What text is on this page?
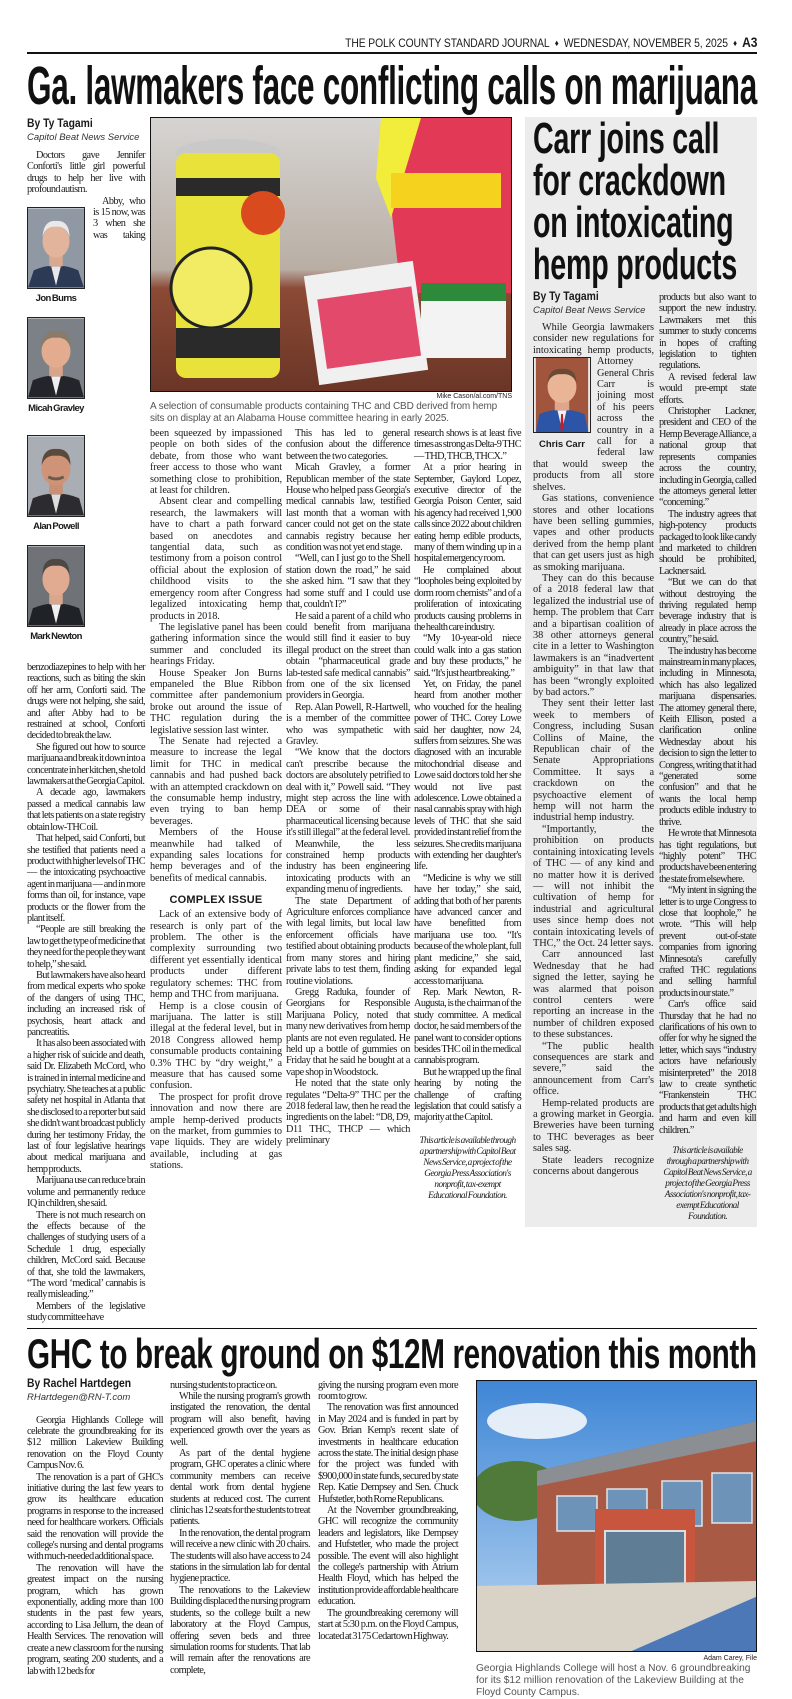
THE POLK COUNTY STANDARD JOURNAL ♦ WEDNESDAY, NOVEMBER 5, 2025 ♦ A3
Ga. lawmakers face conflicting calls on marijuana
By Ty Tagami
Capitol Beat News Service
Jon Burns
Micah Gravley
Alan Powell
Mark Newton

Doctors gave Jennifer Conforti's little girl powerful drugs to help her live with profound autism.

Abby, who is 15 now, was 3 when she was taking benzodiazepines to help with her reactions, such as biting the skin off her arm, Conforti said. The drugs were not helping, she said, and after Abby had to be restrained at school, Conforti decided to break the law.

She figured out how to source marijuana and break it down into a concentrate in her kitchen, she told lawmakers at the Georgia Capitol.

A decade ago, lawmakers passed a medical cannabis law that lets patients on a state registry obtain low-THC oil.

That helped, said Conforti, but she testified that patients need a product with higher levels of THC — the intoxicating psychoactive agent in marijuana — and in more forms than oil, for instance, vape products or the flower from the plant itself.

“People are still breaking the law to get the type of medicine that they need for the people they want to help,” she said.

But lawmakers have also heard from medical experts who spoke of the dangers of using THC, including an increased risk of psychosis, heart attack and pancreatitis.

It has also been associated with a higher risk of suicide and death, said Dr. Elizabeth McCord, who is trained in internal medicine and psychiatry. She teaches at a public safety net hospital in Atlanta that she disclosed to a reporter but said she didn't want broadcast publicly during her testimony Friday, the last of four legislative hearings about medical marijuana and hemp products.

Marijuana use can reduce brain volume and permanently reduce IQ in children, she said.

There is not much research on the effects because of the challenges of studying users of a Schedule 1 drug, especially children, McCord said. Because of that, she told the lawmakers, “The word ‘medical’ cannabis is really misleading.”

Members of the legislative study committee have

Mike Cason/al.com/TNS
A selection of consumable products containing THC and CBD derived from hemp sits on display at an Alabama House committee hearing in early 2025.

been squeezed by impassioned people on both sides of the debate, from those who want freer access to those who want something close to prohibition, at least for children.

Absent clear and compelling research, the lawmakers will have to chart a path forward based on anecdotes and tangential data, such as testimony from a poison control official about the explosion of childhood visits to the emergency room after Congress legalized intoxicating hemp products in 2018.

The legislative panel has been gathering information since the summer and concluded its hearings Friday.

House Speaker Jon Burns empaneled the Blue Ribbon committee after pandemonium broke out around the issue of THC regulation during the legislative session last winter.

The Senate had rejected a measure to increase the legal limit for THC in medical cannabis and had pushed back with an attempted crackdown on the consumable hemp industry, even trying to ban hemp beverages.

Members of the House meanwhile had talked of expanding sales locations for hemp beverages and of the benefits of medical cannabis.

COMPLEX ISSUE

Lack of an extensive body of research is only part of the problem. The other is the complexity surrounding two different yet essentially identical products under different regulatory schemes: THC from hemp and THC from marijuana.

Hemp is a close cousin of marijuana. The latter is still illegal at the federal level, but in 2018 Congress allowed hemp consumable products containing 0.3% THC by “dry weight,” a measure that has caused some confusion.

The prospect for profit drove innovation and now there are ample hemp-derived products on the market, from gummies to vape liquids. They are widely available, including at gas stations.

This has led to general confusion about the difference between the two categories.

Micah Gravley, a former Republican member of the state House who helped pass Georgia's medical cannabis law, testified last month that a woman with cancer could not get on the state cannabis registry because her condition was not yet end stage.

“Well, can I just go to the Shell station down the road,” he said she asked him. “I saw that they had some stuff and I could use that, couldn't I?”

He said a parent of a child who could benefit from marijuana would still find it easier to buy illegal product on the street than obtain “pharmaceutical grade lab-tested safe medical cannabis” from one of the six licensed providers in Georgia.

Rep. Alan Powell, R-Hartwell, is a member of the committee who was sympathetic with Gravley.

“We know that the doctors can't prescribe because the doctors are absolutely petrified to deal with it,” Powell said. “They might step across the line with DEA or some of their pharmaceutical licensing because it's still illegal” at the federal level.

Meanwhile, the less constrained hemp products industry has been engineering intoxicating products with an expanding menu of ingredients.

The state Department of Agriculture enforces compliance with legal limits, but local law enforcement officials have testified about obtaining products from many stores and hiring private labs to test them, finding routine violations.

Gregg Raduka, founder of Georgians for Responsible Marijuana Policy, noted that many new derivatives from hemp plants are not even regulated. He held up a bottle of gummies on Friday that he said he bought at a vape shop in Woodstock.

He noted that the state only regulates “Delta-9” THC per the 2018 federal law, then he read the ingredients on the label: “D8, D9, D11 THC, THCP — which preliminary

research shows is at least five times as strong as Delta-9 THC — THD, THCB, THCX.”

At a prior hearing in September, Gaylord Lopez, executive director of the Georgia Poison Center, said his agency had received 1,900 calls since 2022 about children eating hemp edible products, many of them winding up in a hospital emergency room.

He complained about “loopholes being exploited by dorm room chemists” and of a proliferation of intoxicating products causing problems in the health care industry.

“My 10-year-old niece could walk into a gas station and buy these products,” he said. “It's just heartbreaking.”

Yet, on Friday, the panel heard from another mother who vouched for the healing power of THC. Corey Lowe said her daughter, now 24, suffers from seizures. She was diagnosed with an incurable mitochondrial disease and Lowe said doctors told her she would not live past adolescence. Lowe obtained a nasal cannabis spray with high levels of THC that she said provided instant relief from the seizures. She credits marijuana with extending her daughter's life.

“Medicine is why we still have her today,” she said, adding that both of her parents have advanced cancer and have benefitted from marijuana use too. “It's because of the whole plant, full plant medicine,” she said, asking for expanded legal access to marijuana.

Rep. Mark Newton, R-Augusta, is the chairman of the study committee. A medical doctor, he said members of the panel want to consider options besides THC oil in the medical cannabis program.

But he wrapped up the final hearing by noting the challenge of crafting legislation that could satisfy a majority at the Capitol.

This article is available through a partnership with Capitol Beat News Service, a project of the Georgia Press Association's nonprofit, tax-exempt Educational Foundation.
Carr joins call for crackdown on intoxicating hemp products
By Ty Tagami
Capitol Beat News Service
Chris Carr

While Georgia lawmakers consider new regulations for intoxicating hemp products, Attorney General Chris Carr is joining most of his peers across the country in a call for a federal law that would sweep the products from all store shelves.

Gas stations, convenience stores and other locations have been selling gummies, vapes and other products derived from the hemp plant that can get users just as high as smoking marijuana.

They can do this because of a 2018 federal law that legalized the industrial use of hemp. The problem that Carr and a bipartisan coalition of 38 other attorneys general cite in a letter to Washington lawmakers is an “inadvertent ambiguity” in that law that has been “wrongly exploited by bad actors.”

They sent their letter last week to members of Congress, including Susan Collins of Maine, the Republican chair of the Senate Appropriations Committee. It says a crackdown on the psychoactive element of hemp will not harm the industrial hemp industry.

“Importantly, the prohibition on products containing intoxicating levels of THC — of any kind and no matter how it is derived — will not inhibit the cultivation of hemp for industrial and agricultural uses since hemp does not contain intoxicating levels of THC,” the Oct. 24 letter says.

Carr announced last Wednesday that he had signed the letter, saying he was alarmed that poison control centers were reporting an increase in the number of children exposed to these substances.

“The public health consequences are stark and severe,” said the announcement from Carr's office.

Hemp-related products are a growing market in Georgia. Breweries have been turning to THC beverages as beer sales sag.

State leaders recognize concerns about dangerous

products but also want to support the new industry. Lawmakers met this summer to study concerns in hopes of crafting legislation to tighten regulations.

A revised federal law would pre-empt state efforts.

Christopher Lackner, president and CEO of the Hemp Beverage Alliance, a national group that represents companies across the country, including in Georgia, called the attorneys general letter “concerning.”

The industry agrees that high-potency products packaged to look like candy and marketed to children should be prohibited, Lackner said.

“But we can do that without destroying the thriving regulated hemp beverage industry that is already in place across the country,” he said.

The industry has become mainstream in many places, including in Minnesota, which has also legalized marijuana dispensaries. The attorney general there, Keith Ellison, posted a clarification online Wednesday about his decision to sign the letter to Congress, writing that it had “generated some confusion” and that he wants the local hemp products edible industry to thrive.

He wrote that Minnesota has tight regulations, but “highly potent” THC products have been entering the state from elsewhere.

“My intent in signing the letter is to urge Congress to close that loophole,” he wrote. “This will help prevent out-of-state companies from ignoring Minnesota's carefully crafted THC regulations and selling harmful products in our state.”

Carr's office said Thursday that he had no clarifications of his own to offer for why he signed the letter, which says “industry actors have nefariously misinterpreted” the 2018 law to create synthetic “Frankenstein THC products that get adults high and harm and even kill children.”

This article is available through a partnership with Capitol Beat News Service, a project of the Georgia Press Association's nonprofit, tax-exempt Educational Foundation.
GHC to break ground on $12M renovation this month
By Rachel Hartdegen
RHartdegen@RN-T.com

Georgia Highlands College will celebrate the groundbreaking for its $12 million Lakeview Building renovation on the Floyd County Campus Nov. 6.

The renovation is a part of GHC's initiative during the last few years to grow its healthcare education programs in response to the increased need for healthcare workers. Officials said the renovation will provide the college's nursing and dental programs with much-needed additional space.

The renovation will have the greatest impact on the nursing program, which has grown exponentially, adding more than 100 students in the past few years, according to Lisa Jellum, the dean of Health Services. The renovation will create a new classroom for the nursing program, seating 200 students, and a lab with 12 beds for

nursing students to practice on.

While the nursing program's growth instigated the renovation, the dental program will also benefit, having experienced growth over the years as well.

As part of the dental hygiene program, GHC operates a clinic where community members can receive dental work from dental hygiene students at reduced cost. The current clinic has 12 seats for the students to treat patients.

In the renovation, the dental program will receive a new clinic with 20 chairs. The students will also have access to 24 stations in the simulation lab for dental hygiene practice.

The renovations to the Lakeview Building displaced the nursing program students, so the college built a new laboratory at the Floyd Campus, offering seven beds and three simulation rooms for students. That lab will remain after the renovations are complete,

giving the nursing program even more room to grow.

The renovation was first announced in May 2024 and is funded in part by Gov. Brian Kemp's recent slate of investments in healthcare education across the state. The initial design phase for the project was funded with $900,000 in state funds, secured by state Rep. Katie Dempsey and Sen. Chuck Hufstetler, both Rome Republicans.

At the November groundbreaking, GHC will recognize the community leaders and legislators, like Dempsey and Hufstetler, who made the project possible. The event will also highlight the college's partnership with Atrium Health Floyd, which has helped the institution provide affordable healthcare education.

The groundbreaking ceremony will start at 5:30 p.m. on the Floyd Campus, located at 3175 Cedartown Highway.

Adam Carey, File
Georgia Highlands College will host a Nov. 6 groundbreaking for its $12 million renovation of the Lakeview Building at the Floyd County Campus.
